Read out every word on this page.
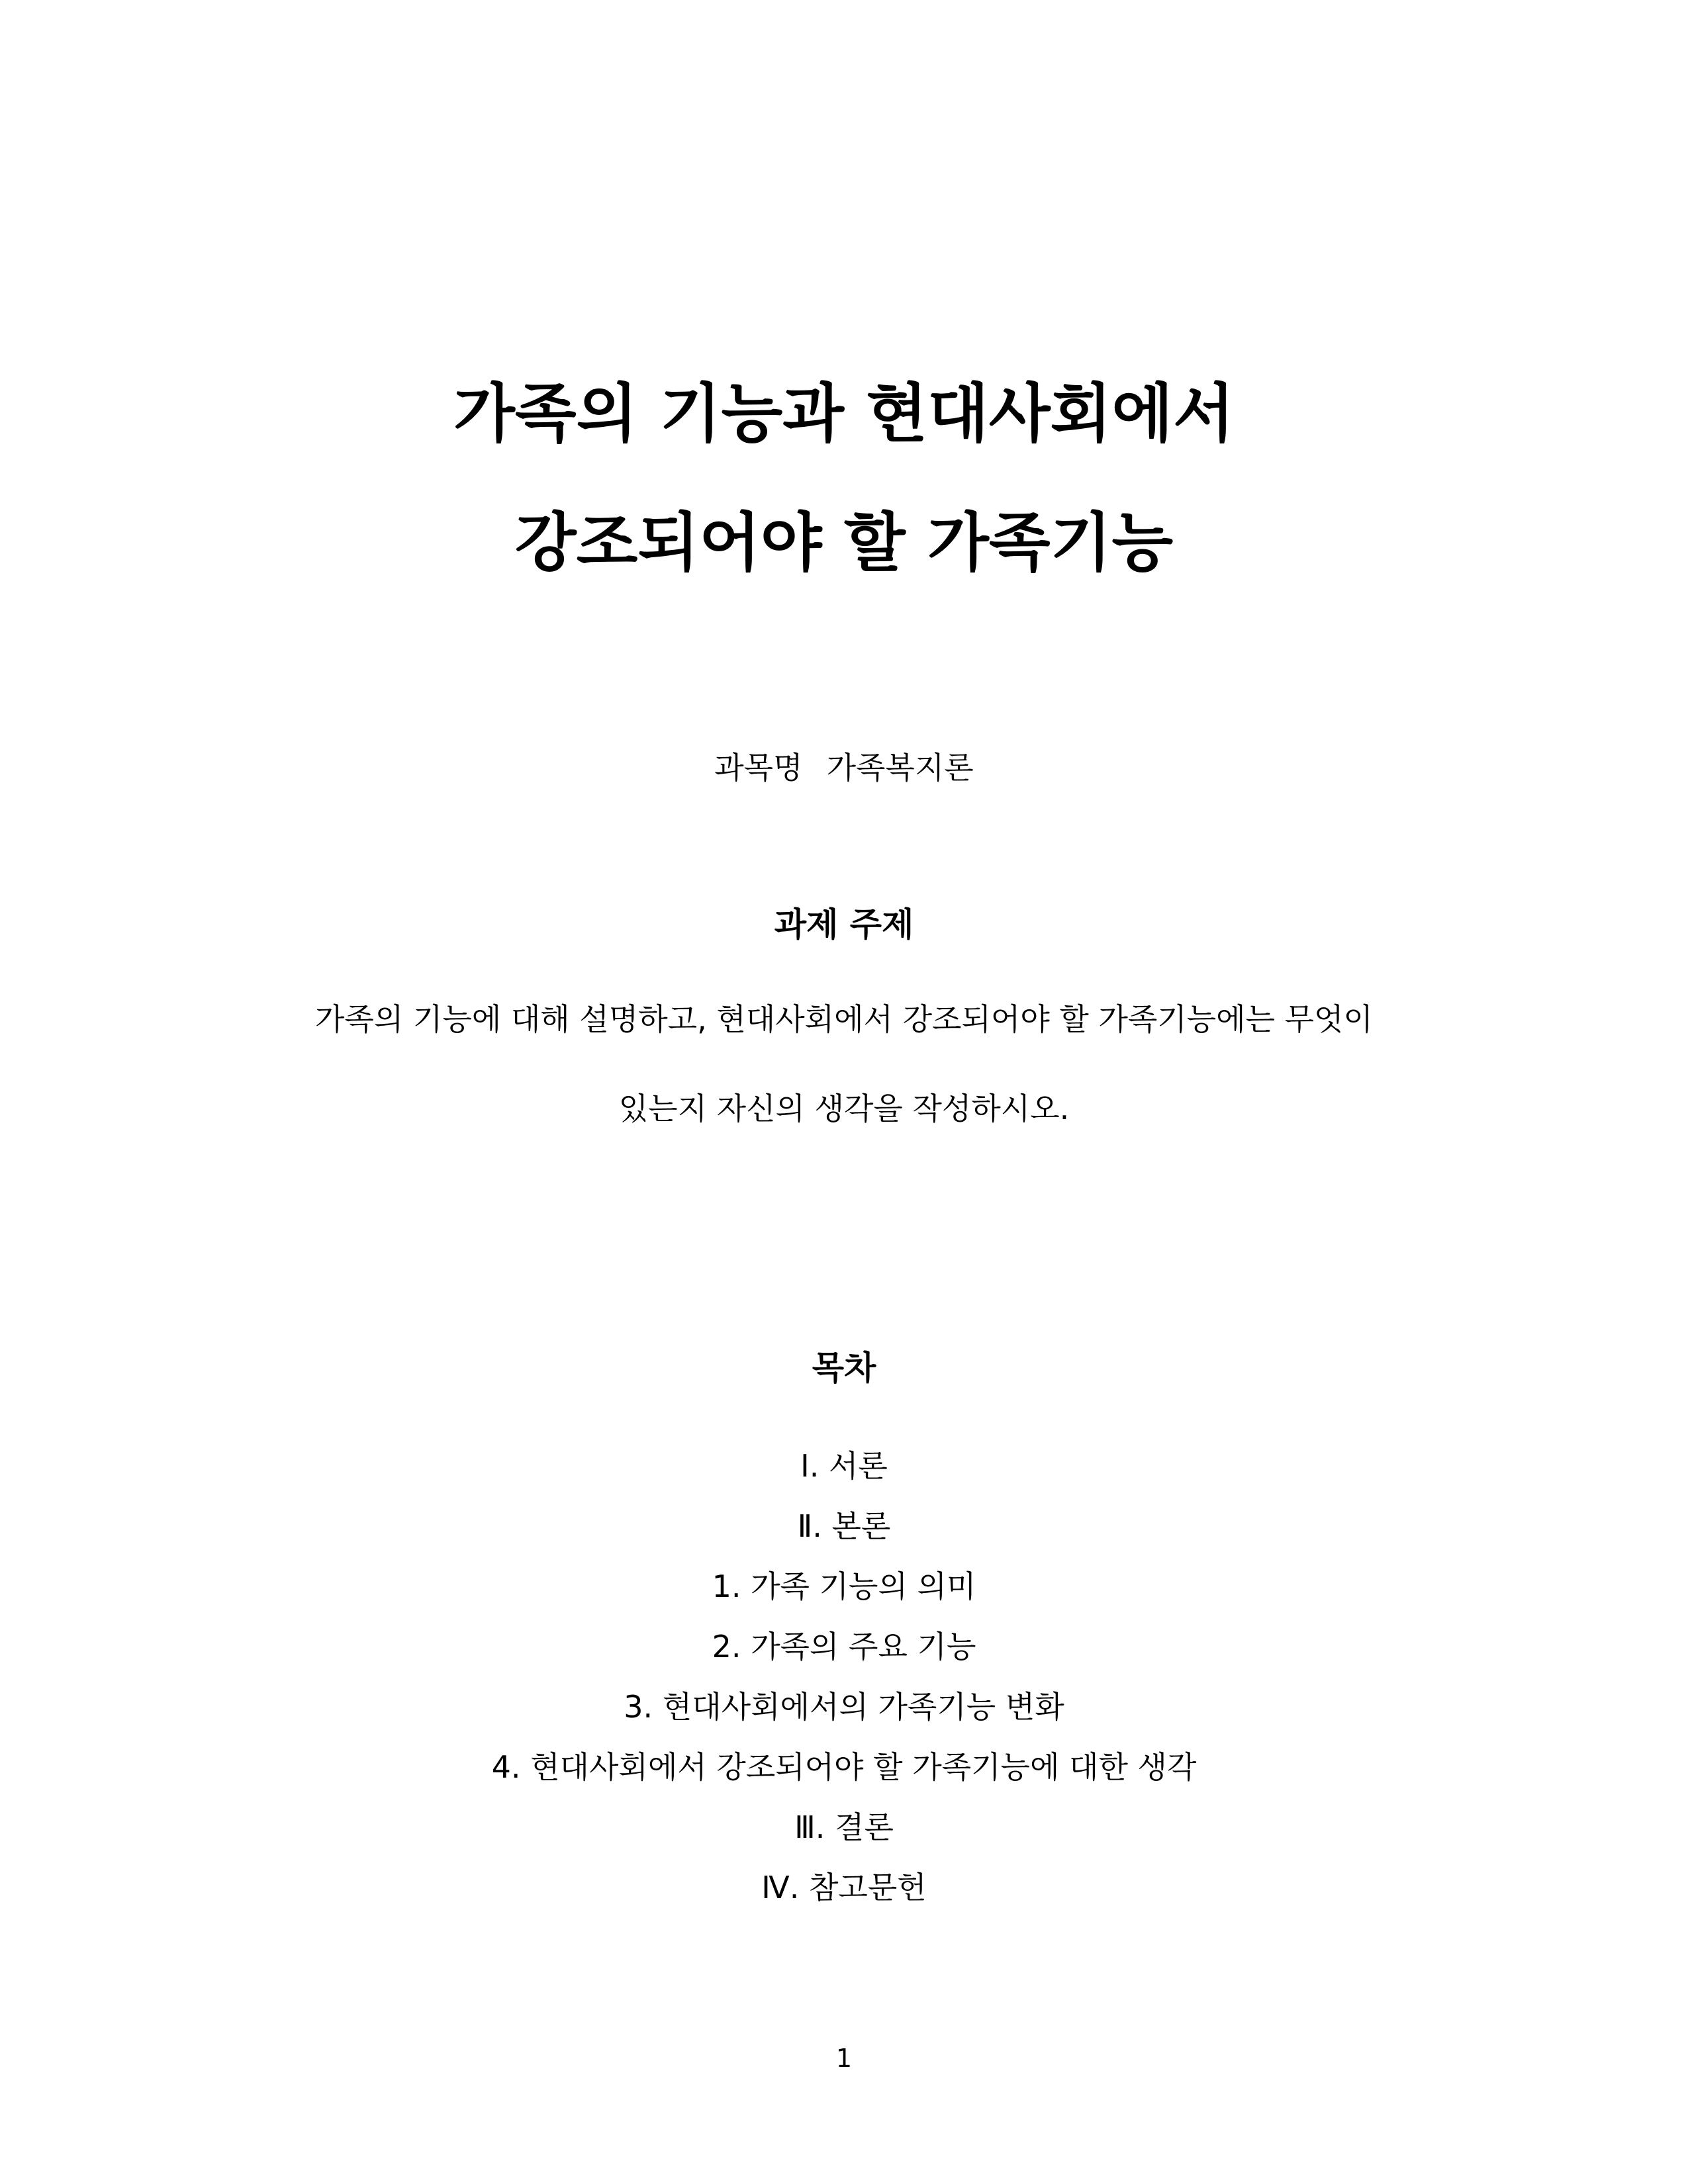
가족의 기능과 현대사회에서
강조되어야 할 가족기능
과목명 가족복지론
과제 주제
가족의 기능에 대해 설명하고, 현대사회에서 강조되어야 할 가족기능에는 무엇이
있는지 자신의 생각을 작성하시오.
목차
Ⅰ. 서론
Ⅱ. 본론
1. 가족 기능의 의미
2. 가족의 주요 기능
3. 현대사회에서의 가족기능 변화
4. 현대사회에서 강조되어야 할 가족기능에 대한 생각
Ⅲ. 결론
Ⅳ. 참고문헌
1
